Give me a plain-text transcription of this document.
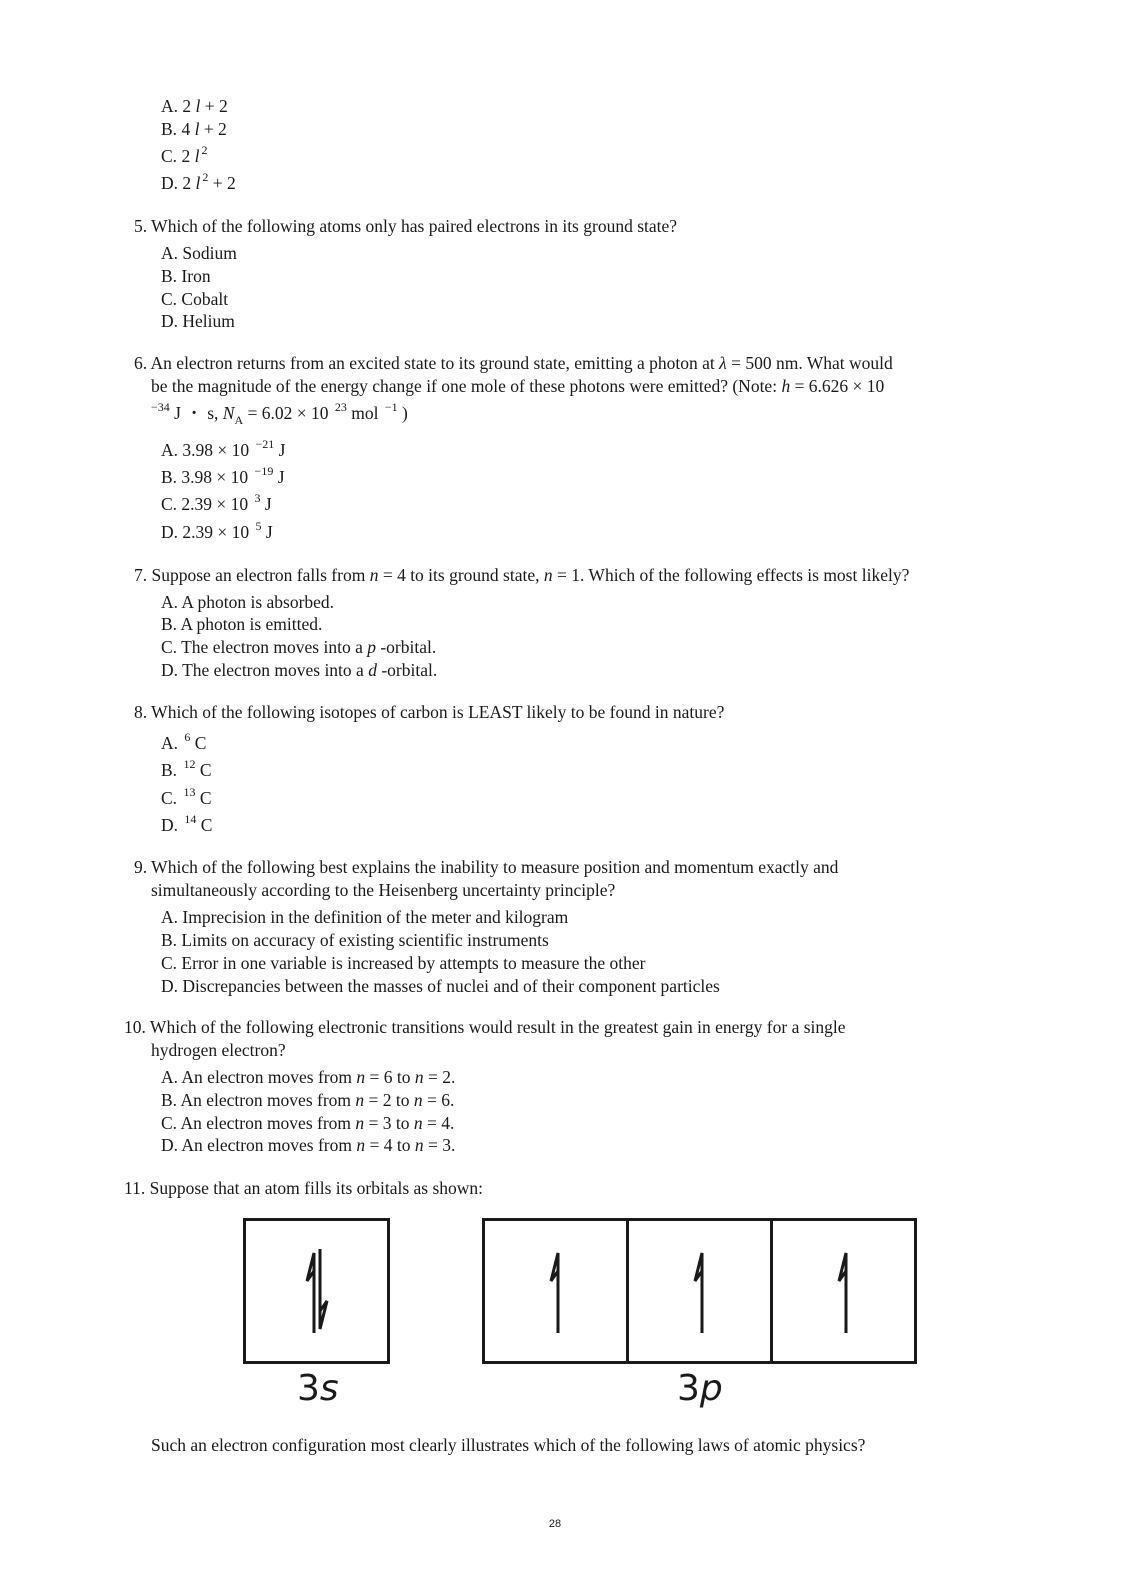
A. 2 l + 2
B. 4 l + 2
C. 2 l $^2$
D. 2 l $^2$ + 2
5. Which of the following atoms only has paired electrons in its ground state?
A. Sodium
B. Iron
C. Cobalt
D. Helium
6. An electron returns from an excited state to its ground state, emitting a photon at λ = 500 nm. What would
be the magnitude of the energy change if one mole of these photons were emitted? (Note: h = 6.626 × 10
$^{-34}$ J ・ s, $N_A = 6.02 \times 10$ $^{23}$ mol $^{-1}$ )
A. 3.98 × 10 $^{-21}$ J
B. 3.98 × 10 $^{-19}$ J
C. 2.39 × 10 $^3$ J
D. 2.39 × 10 $^5$ J
7. Suppose an electron falls from n = 4 to its ground state, n = 1. Which of the following effects is most likely?
A. A photon is absorbed.
B. A photon is emitted.
C. The electron moves into a p -orbital.
D. The electron moves into a d -orbital.
8. Which of the following isotopes of carbon is LEAST likely to be found in nature?
A. $^6$ C
B. $^{12}$ C
C. $^{13}$ C
D. $^{14}$ C
9. Which of the following best explains the inability to measure position and momentum exactly and
simultaneously according to the Heisenberg uncertainty principle?
A. Imprecision in the definition of the meter and kilogram
B. Limits on accuracy of existing scientific instruments
C. Error in one variable is increased by attempts to measure the other
D. Discrepancies between the masses of nuclei and of their component particles
10. Which of the following electronic transitions would result in the greatest gain in energy for a single
hydrogen electron?
A. An electron moves from n = 6 to n = 2.
B. An electron moves from n = 2 to n = 6.
C. An electron moves from n = 3 to n = 4.
D. An electron moves from n = 4 to n = 3.
11. Suppose that an atom fills its orbitals as shown:
3s	3p
Such an electron configuration most clearly illustrates which of the following laws of atomic physics?
28
